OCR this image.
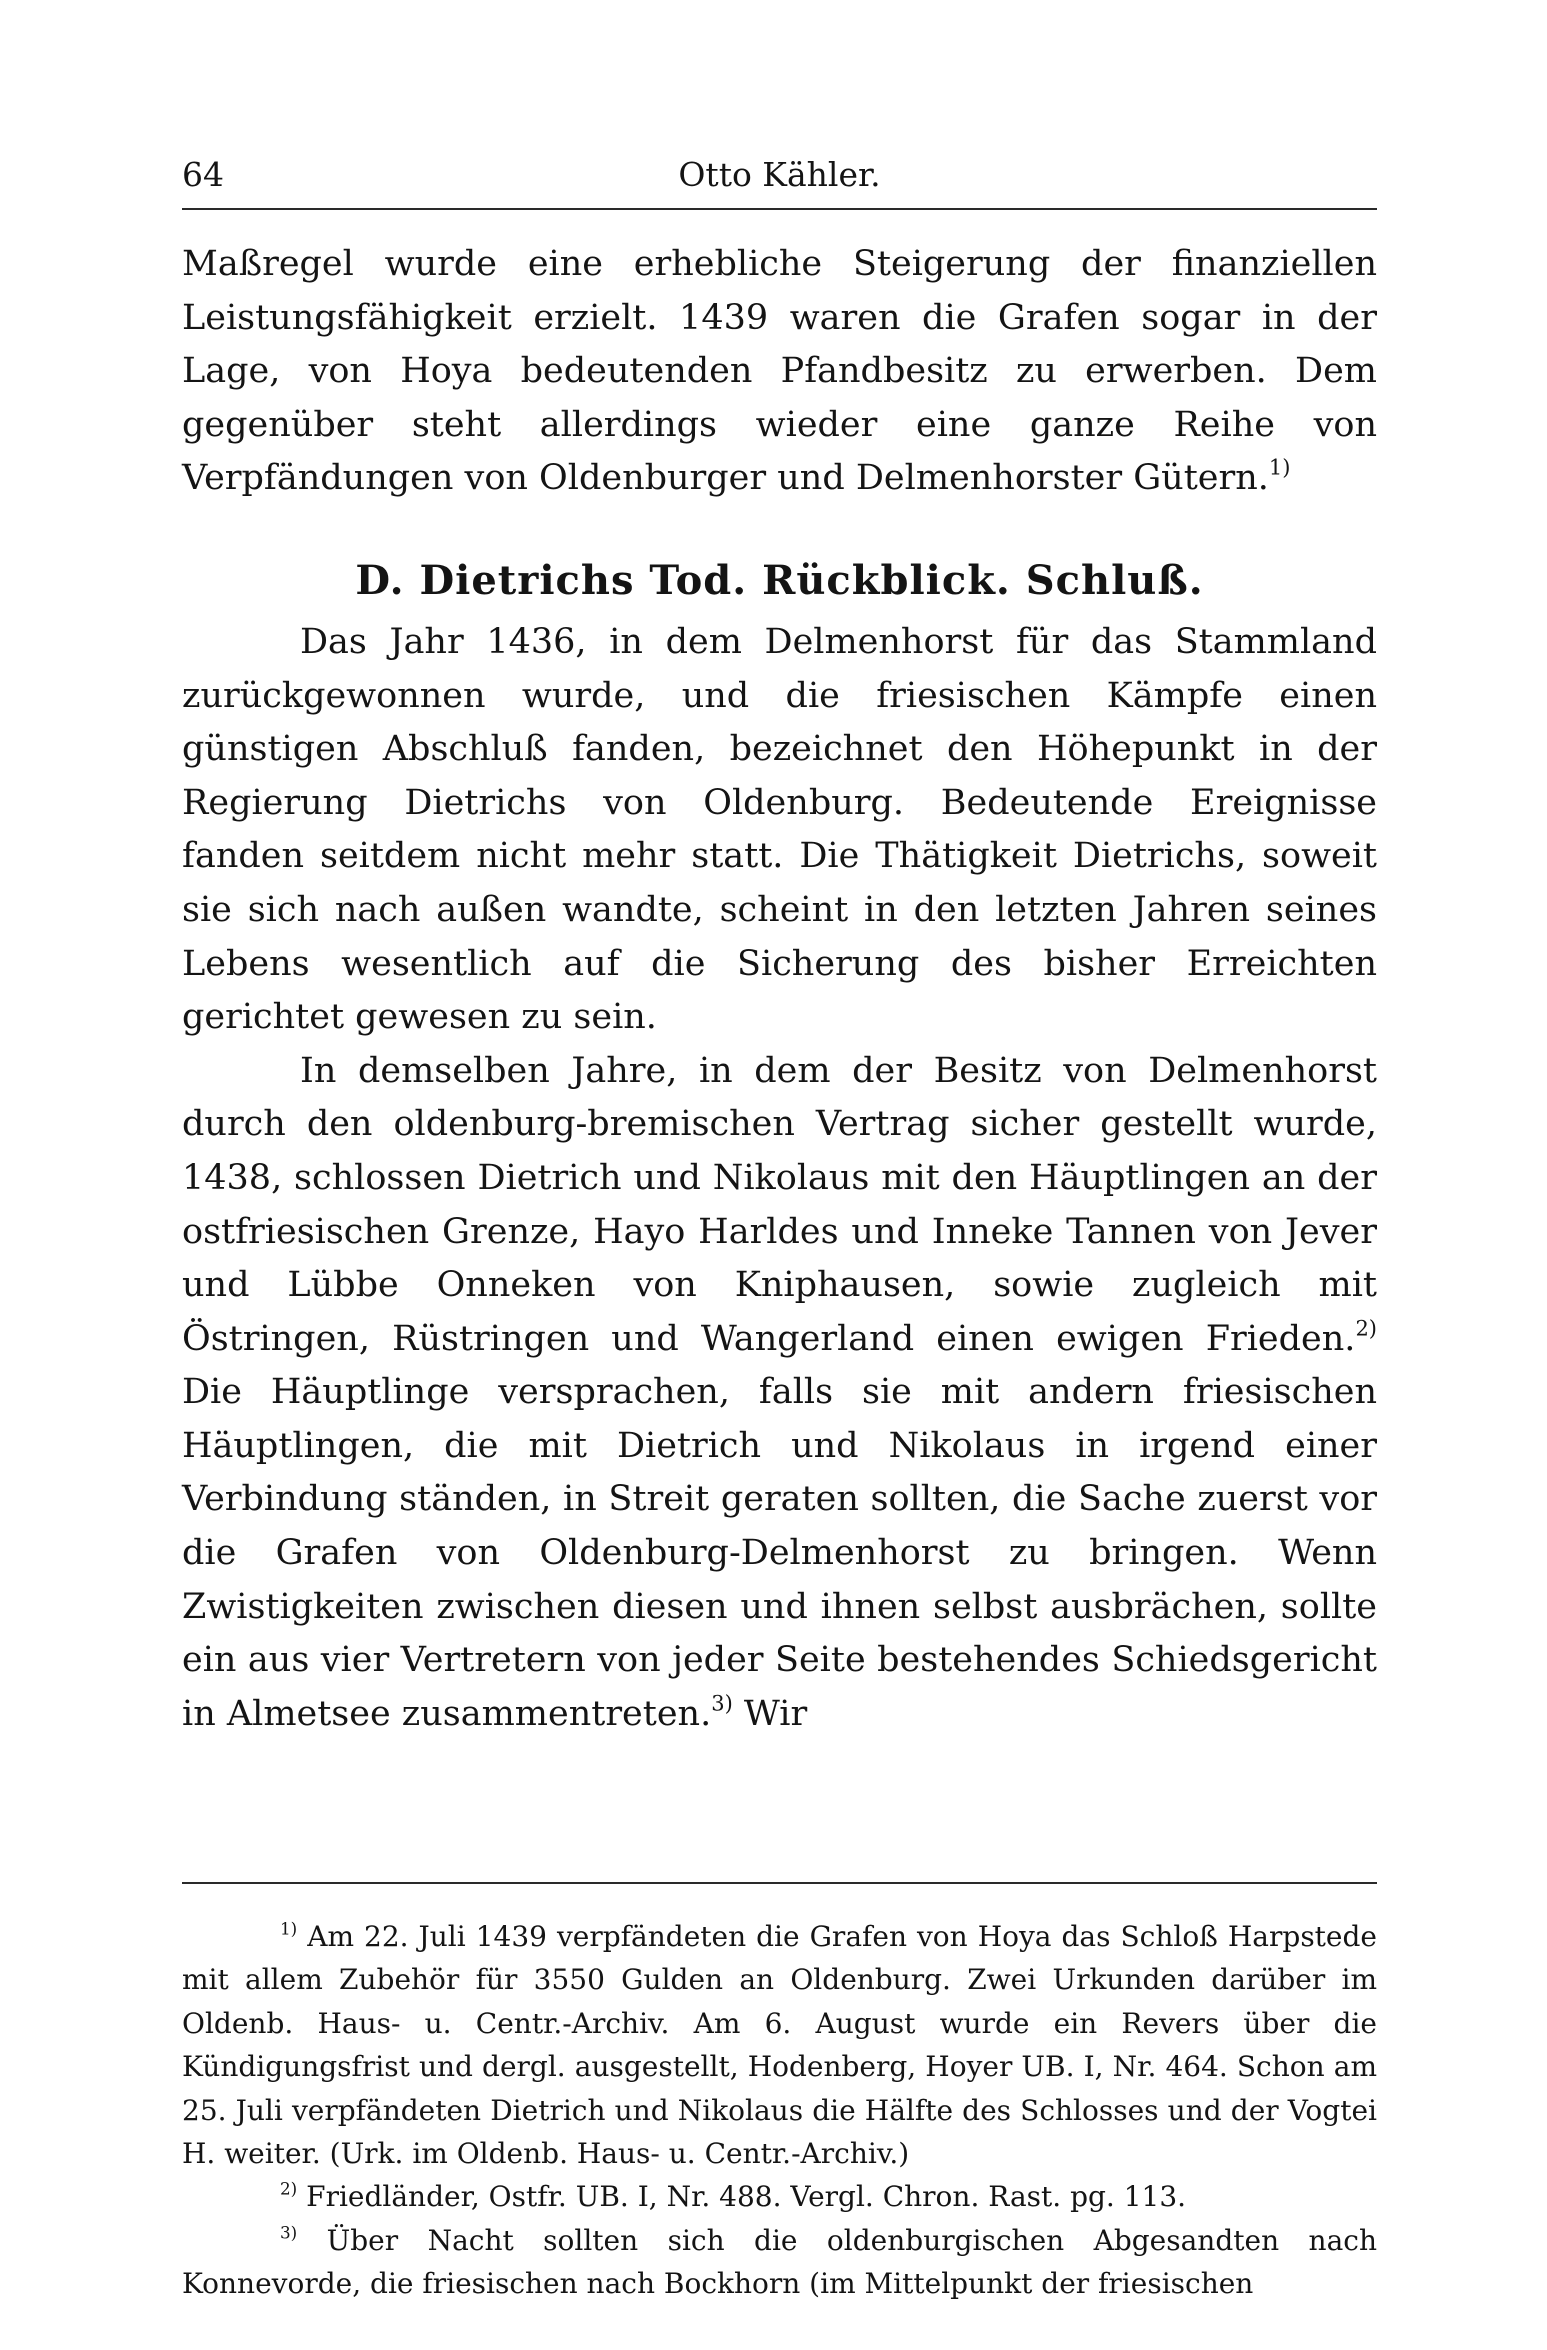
64	Otto Kähler.

Maßregel wurde eine erhebliche Steigerung der finanziellen Leistungsfähigkeit erzielt. 1439 waren die Grafen sogar in der Lage, von Hoya bedeutenden Pfandbesitz zu erwerben. Dem gegenüber steht allerdings wieder eine ganze Reihe von Verpfändungen von Oldenburger und Delmenhorster Gütern.$^{1)}$

D. Dietrichs Tod. Rückblick. Schluß.

Das Jahr 1436, in dem Delmenhorst für das Stammland zurückgewonnen wurde, und die friesischen Kämpfe einen günstigen Abschluß fanden, bezeichnet den Höhepunkt in der Regierung Dietrichs von Oldenburg. Bedeutende Ereignisse fanden seitdem nicht mehr statt. Die Thätigkeit Dietrichs, soweit sie sich nach außen wandte, scheint in den letzten Jahren seines Lebens wesentlich auf die Sicherung des bisher Erreichten gerichtet gewesen zu sein.

In demselben Jahre, in dem der Besitz von Delmenhorst durch den oldenburg-bremischen Vertrag sicher gestellt wurde, 1438, schlossen Dietrich und Nikolaus mit den Häuptlingen an der ostfriesischen Grenze, Hayo Harldes und Inneke Tannen von Jever und Lübbe Onneken von Kniphausen, sowie zugleich mit Östringen, Rüstringen und Wangerland einen ewigen Frieden.$^{2)}$ Die Häuptlinge versprachen, falls sie mit andern friesischen Häuptlingen, die mit Dietrich und Nikolaus in irgend einer Verbindung ständen, in Streit geraten sollten, die Sache zuerst vor die Grafen von Oldenburg-Delmenhorst zu bringen. Wenn Zwistigkeiten zwischen diesen und ihnen selbst ausbrächen, sollte ein aus vier Vertretern von jeder Seite bestehendes Schiedsgericht in Almetsee zusammentreten.$^{3)}$ Wir

$^{1)}$ Am 22. Juli 1439 verpfändeten die Grafen von Hoya das Schloß Harpstede mit allem Zubehör für 3550 Gulden an Oldenburg. Zwei Urkunden darüber im Oldenb. Haus- u. Centr.-Archiv. Am 6. August wurde ein Revers über die Kündigungsfrist und dergl. ausgestellt, Hodenberg, Hoyer UB. I, Nr. 464. Schon am 25. Juli verpfändeten Dietrich und Nikolaus die Hälfte des Schlosses und der Vogtei H. weiter. (Urk. im Oldenb. Haus- u. Centr.-Archiv.)

$^{2)}$ Friedländer, Ostfr. UB. I, Nr. 488. Vergl. Chron. Rast. pg. 113.

$^{3)}$ Über Nacht sollten sich die oldenburgischen Abgesandten nach Konnevorde, die friesischen nach Bockhorn (im Mittelpunkt der friesischen
